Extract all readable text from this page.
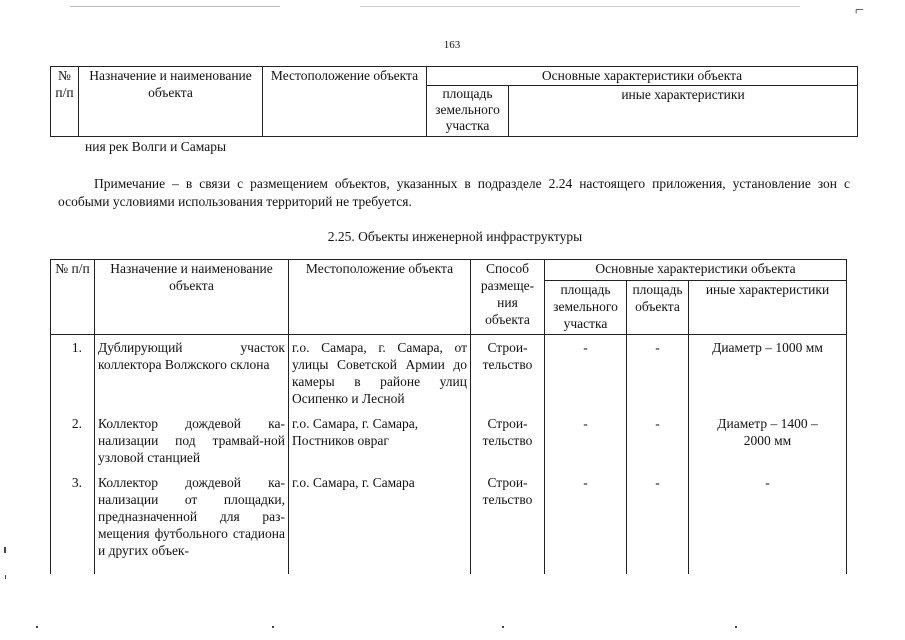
⌐
163
№ п/п	Назначение и наименование объекта	Местоположение объекта	Основные характеристики объекта	
			площадь земельного участка	иные характеристики
ния рек Волги и Самары
Примечание – в связи с размещением объектов, указанных в подразделе 2.24 настоящего приложения, установление зон с особыми условиями использования территорий не требуется.
2.25. Объекты инженерной инфраструктуры
№ п/п	Назначение и наименование объекта	Местоположение объекта	Способ размеще-ния объекта	Основные характеристики объекта		
				площадь земельного участка	площадь объекта	иные характеристики
1.	Дублирующий участок коллектора Волжского склона	г.о. Самара, г. Самара, от улицы Советской Армии до камеры в районе улиц Осипенко и Лесной	Строи-тельство	-	-	Диаметр – 1000 мм
2.	Коллектор дождевой ка-нализации под трамвай-ной узловой станцией	г.о. Самара, г. Самара, Постников овраг	Строи-тельство	-	-	Диаметр – 1400 – 2000 мм
3.	Коллектор дождевой ка-нализации от площадки, предназначенной для раз-мещения футбольного стадиона и других объек-	г.о. Самара, г. Самара	Строи-тельство	-	-	-
